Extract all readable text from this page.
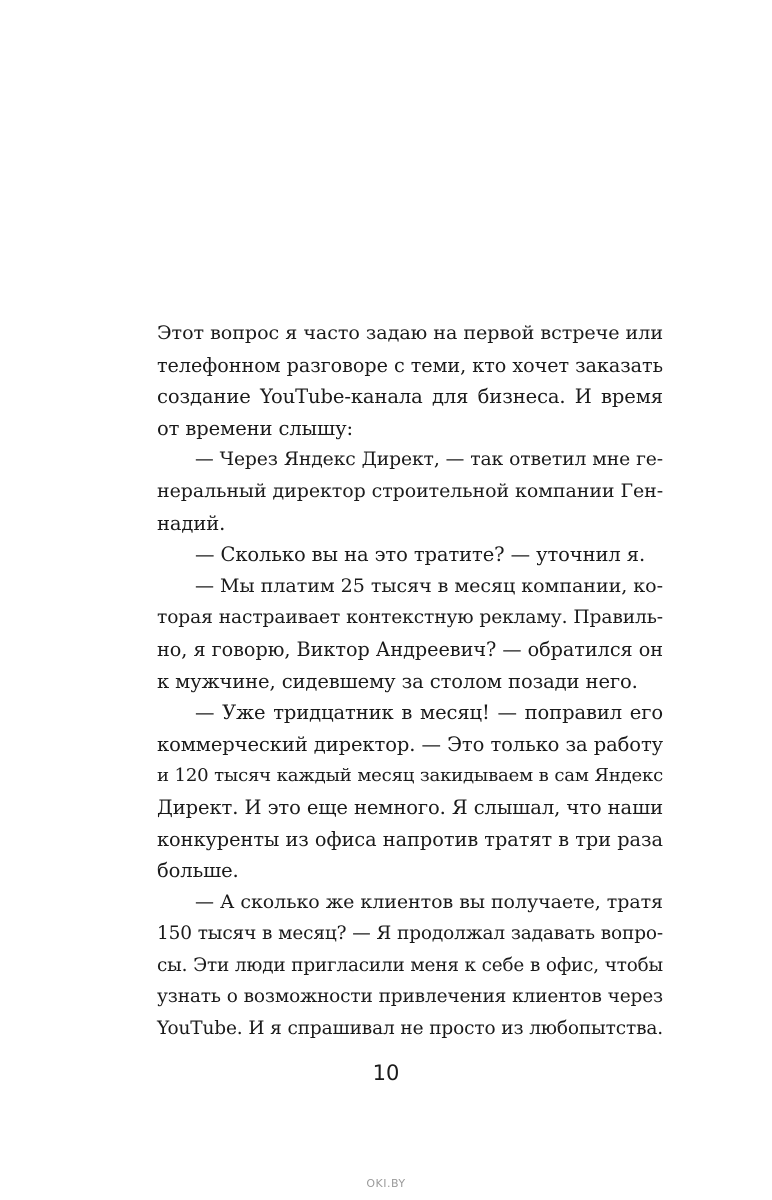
Этот вопрос я часто задаю на первой встрече или
телефонном разговоре с теми, кто хочет заказать
создание YouTube-канала для бизнеса. И время
от времени слышу:
— Через Яндекс Директ, — так ответил мне ге-
неральный директор строительной компании Ген-
надий.
— Сколько вы на это тратите? — уточнил я.
— Мы платим 25 тысяч в месяц компании, ко-
торая настраивает контекстную рекламу. Правиль-
но, я говорю, Виктор Андреевич? — обратился он
к мужчине, сидевшему за столом позади него.
— Уже тридцатник в месяц! — поправил его
коммерческий директор. — Это только за работу
и 120 тысяч каждый месяц закидываем в сам Яндекс
Директ. И это еще немного. Я слышал, что наши
конкуренты из офиса напротив тратят в три раза
больше.
— А сколько же клиентов вы получаете, тратя
150 тысяч в месяц? — Я продолжал задавать вопро-
сы. Эти люди пригласили меня к себе в офис, чтобы
узнать о возможности привлечения клиентов через
YouTube. И я спрашивал не просто из любопытства.
10
OKI.BY
